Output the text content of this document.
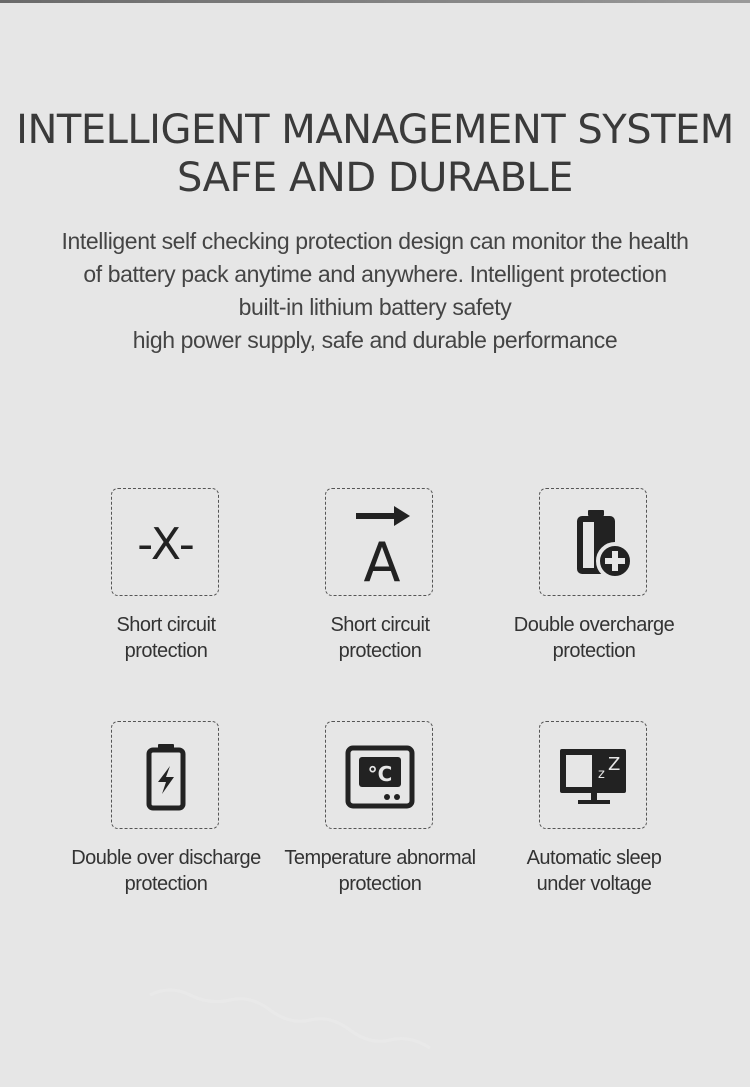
INTELLIGENT MANAGEMENT SYSTEM
SAFE AND DURABLE
Intelligent self checking protection design can monitor the health
of battery pack anytime and anywhere. Intelligent protection
built-in lithium battery safety
high power supply, safe and durable performance
-X-
Short circuit
protection
A
Short circuit
protection
Double overcharge
protection
Double over discharge
protection
°C
Temperature abnormal
protection
z Z
Automatic sleep
under voltage
